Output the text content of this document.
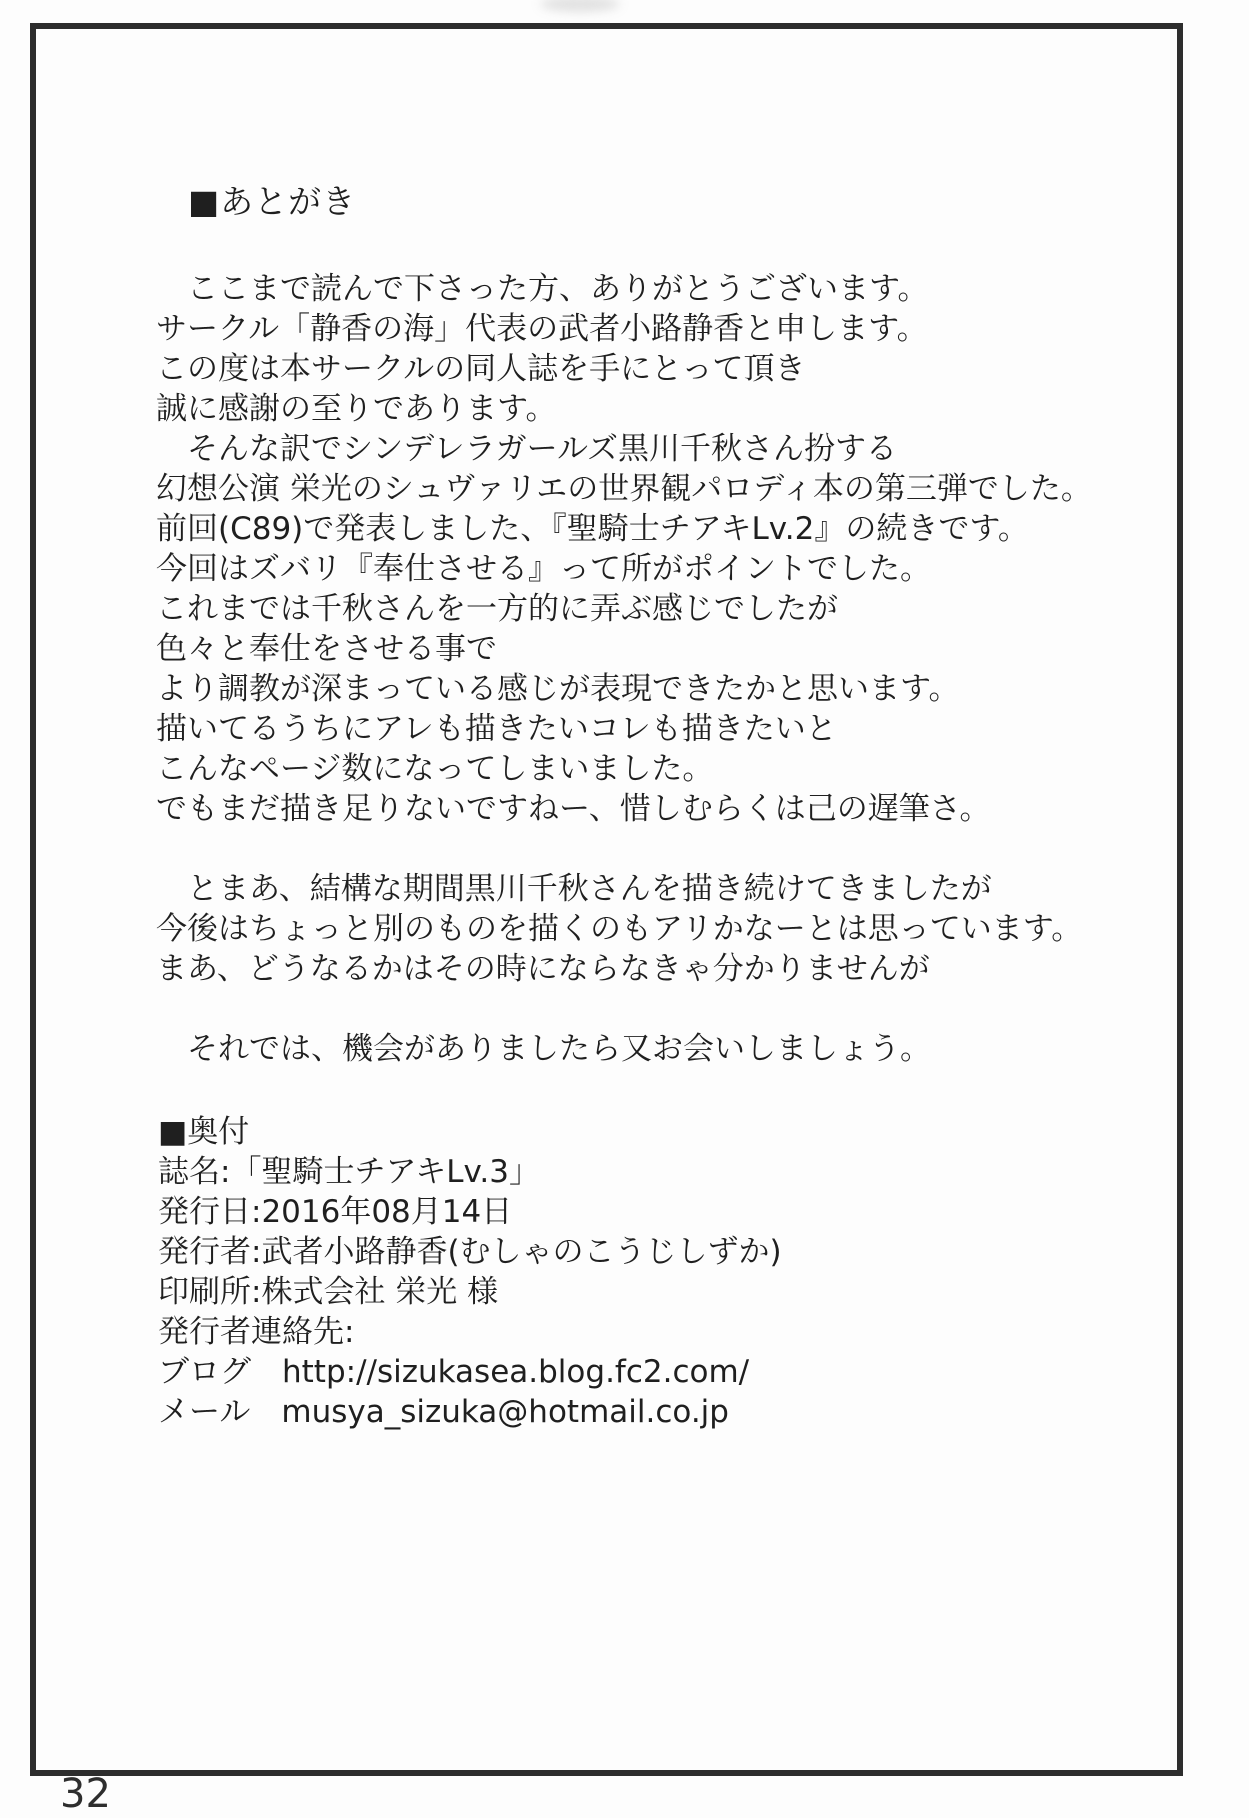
■あとがき
　ここまで読んで下さった方、ありがとうございます。
サークル「静香の海」代表の武者小路静香と申します。
この度は本サークルの同人誌を手にとって頂き
誠に感謝の至りであります。
　そんな訳でシンデレラガールズ黒川千秋さん扮する
幻想公演 栄光のシュヴァリエの世界観パロディ本の第三弾でした。
前回(C89)で発表しました、『聖騎士チアキLv.2』の続きです。
今回はズバリ『奉仕させる』って所がポイントでした。
これまでは千秋さんを一方的に弄ぶ感じでしたが
色々と奉仕をさせる事で
より調教が深まっている感じが表現できたかと思います。
描いてるうちにアレも描きたいコレも描きたいと
こんなページ数になってしまいました。
でもまだ描き足りないですねー、惜しむらくは己の遅筆さ。
　とまあ、結構な期間黒川千秋さんを描き続けてきましたが
今後はちょっと別のものを描くのもアリかなーとは思っています。
まあ、どうなるかはその時にならなきゃ分かりませんが
　それでは、機会がありましたら又お会いしましょう。
■奥付
誌名:「聖騎士チアキLv.3」
発行日:2016年08月14日
発行者:武者小路静香(むしゃのこうじしずか)
印刷所:株式会社 栄光 様
発行者連絡先:
ブログ　http://sizukasea.blog.fc2.com/
メール　musya_sizuka@hotmail.co.jp
32
